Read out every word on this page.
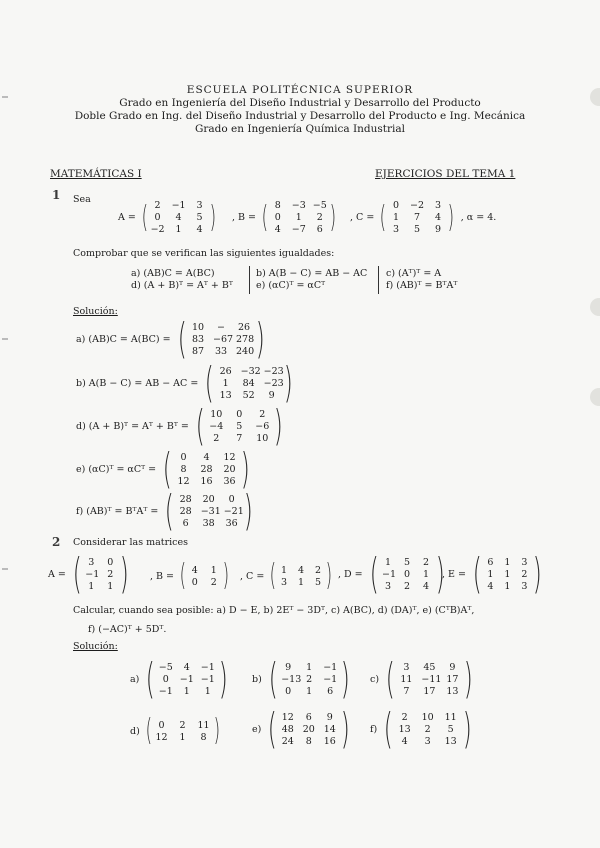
ESCUELA POLITÉCNICA SUPERIOR
Grado en Ingeniería del Diseño Industrial y Desarrollo del Producto
Doble Grado en Ing. del Diseño Industrial y Desarrollo del Producto e Ing. Mecánica
Grado en Ingeniería Química Industrial
MATEMÁTICAS I	EJERCICIOS DEL TEMA 1
1 Sea
A = ( 2	−1	3
0	4	5
−2	1	4 ) , B = ( 8	−3 −5
0	1	2
4	−7	6 ) , C = ( 0	−2	3
1	7	4
3	5	9 ) , α = 4.
Comprobar que se verifican las siguientes igualdades:
a) (AB)C = A(BC)
d) (A + B)ᵀ = Aᵀ + Bᵀ
b) A(B − C) = AB − AC
e) (αC)ᵀ = αCᵀ
c) (Aᵀ)ᵀ = A
f) (AB)ᵀ = BᵀAᵀ
Solución:
a) (AB)C = A(BC) = ( 10	−	26
83 −67 278
87 33 240 )
b) A(B − C) = AB − AC = ( 26 −32 −23
1	84 −23
13 52	9 )
d) (A + B)ᵀ = Aᵀ + Bᵀ = ( 10	0	2
−4	5	−6
2	7	10 )
e) (αC)ᵀ = αCᵀ = ( 0	4	12
8	28 20
12 16 36 )
f) (AB)ᵀ = BᵀAᵀ = ( 28 20	0
28 −31 −21
6	38 36 )
2 Considerar las matrices
A = ( 3	0
−1 2
1	1 ) , B = ( 4	1
0	2 ) , C = ( 1 4 2
3 1 5 ) , D = ( 1	5	2
−1 0	1
3	2	4 )
, E = ( 6 1 3
1 1 2
4 1 3 )
Calcular, cuando sea posible: a) D − E, b) 2Eᵀ − 3Dᵀ, c) A(BC), d) (DA)ᵀ, e) (CᵀB)Aᵀ,
f) (−AC)ᵀ + 5Dᵀ.
Solución:
a) ( −5	4	−1
0	−1 −1
−1	1	1 )	b) ( 9	1	−1
−13 2	−1
0	1	6 ) c) ( 3	45	9
11 −11 17
7	17 13 )
d) ( 0	2	11
12	1	8 )	e) ( 12	6	9
48 20 14
24	8	16 ) f) ( 2	10 11
13	2	5
4	3	13 )
